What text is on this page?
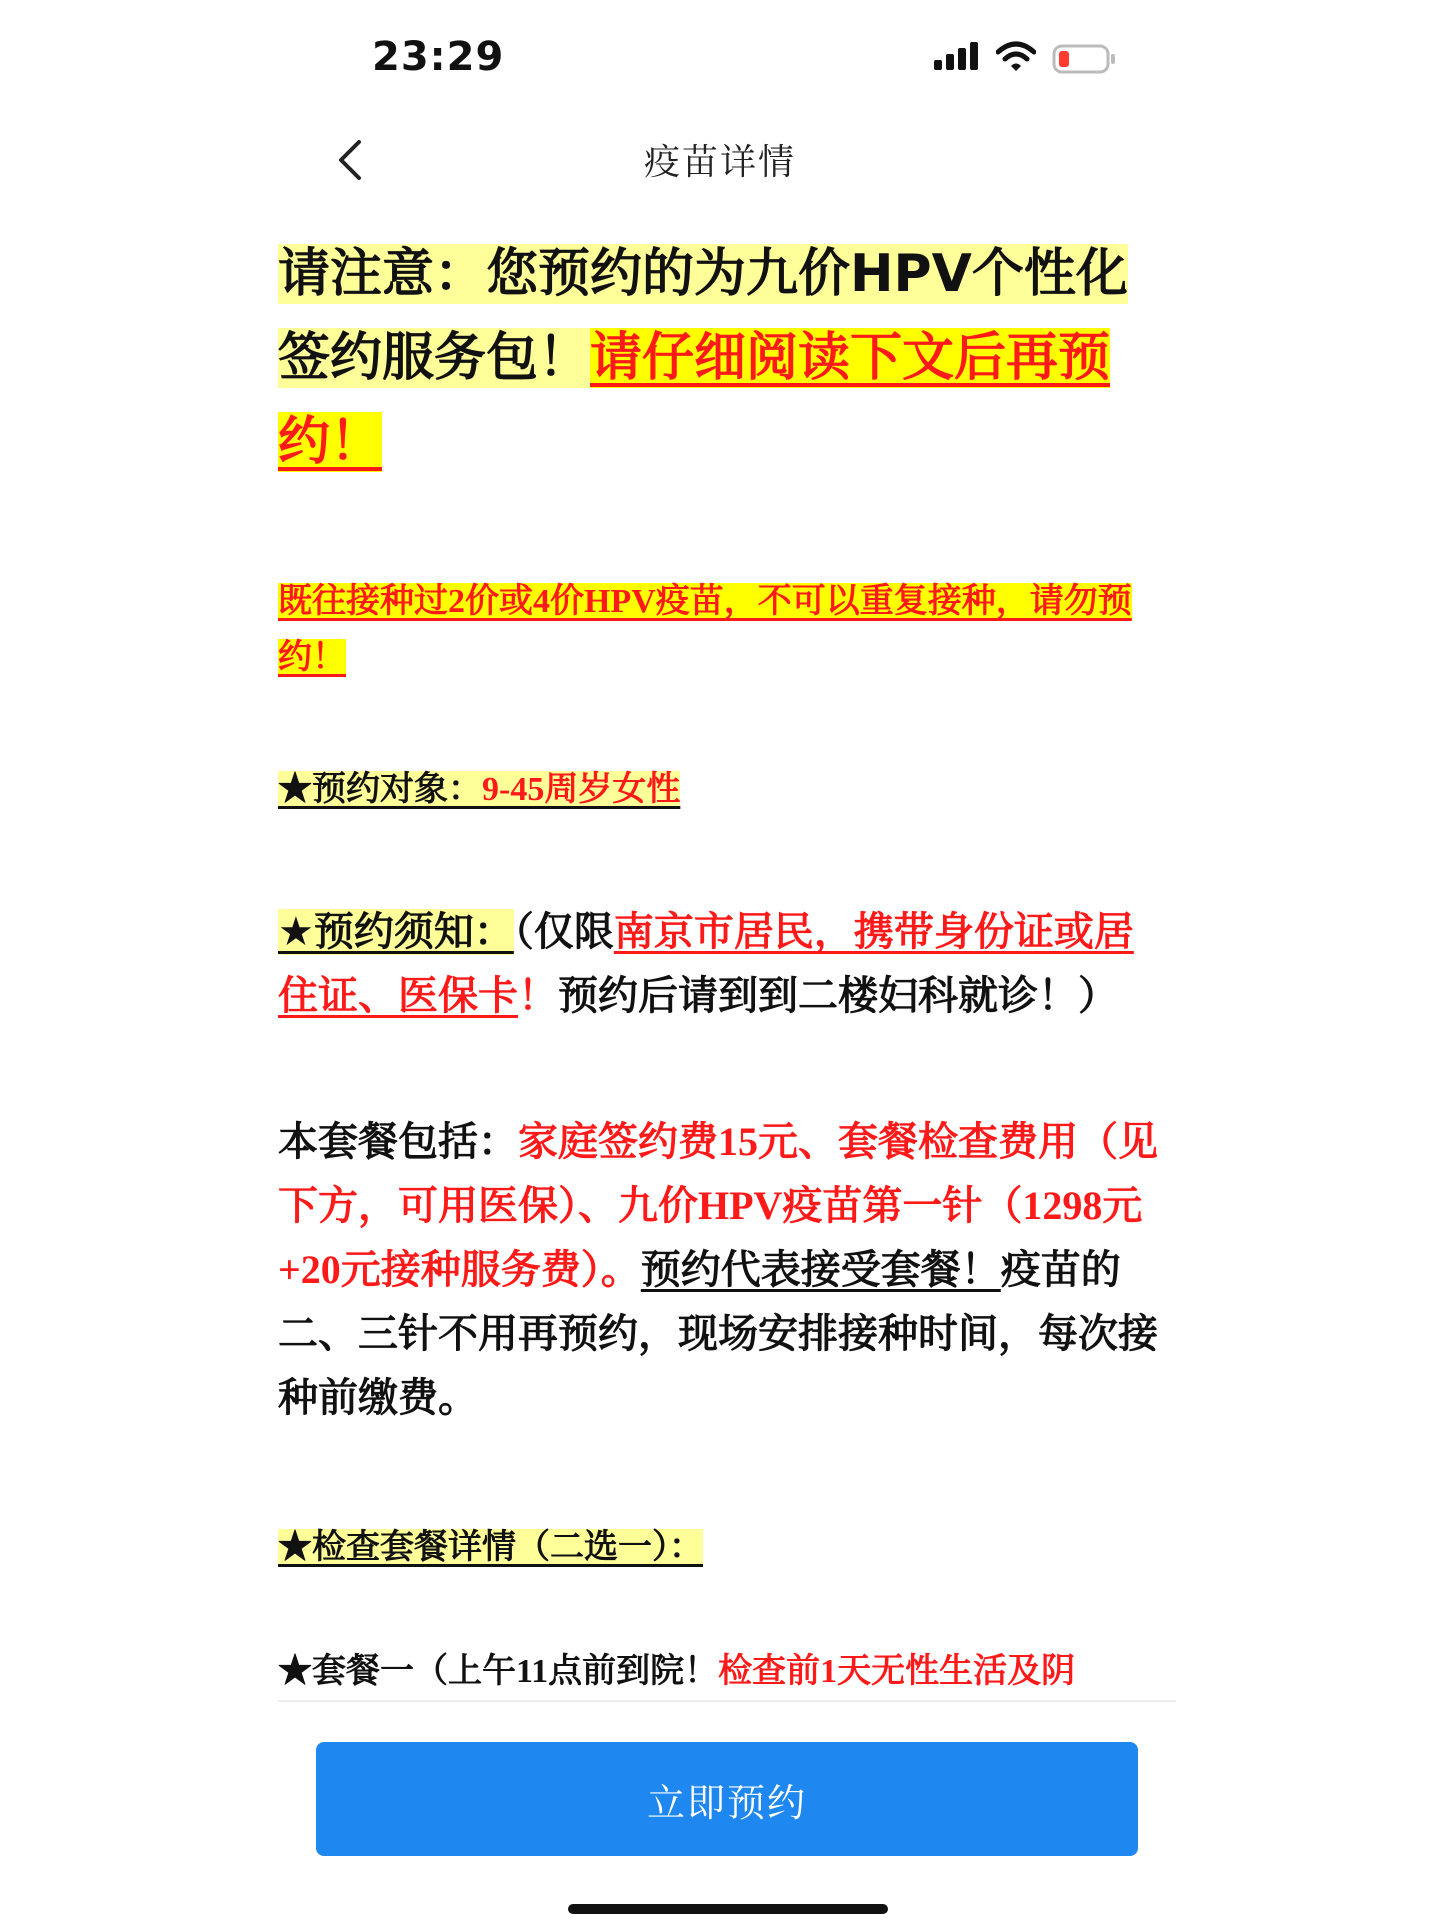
23:29
疫苗详情

请注意：您预约的为九价HPV个性化签约服务包！请仔细阅读下文后再预约！

既往接种过2价或4价HPV疫苗，不可以重复接种，请勿预约！

★预约对象：9-45周岁女性

★预约须知：（仅限南京市居民，携带身份证或居住证、医保卡！预约后请到到二楼妇科就诊！）

本套餐包括：家庭签约费15元、套餐检查费用（见下方，可用医保）、九价HPV疫苗第一针（1298元+20元接种服务费）。预约代表接受套餐！疫苗的二、三针不用再预约，现场安排接种时间，每次接种前缴费。

★检查套餐详情（二选一）：

★套餐一（上午11点前到院！检查前1天无性生活及阴

立即预约
